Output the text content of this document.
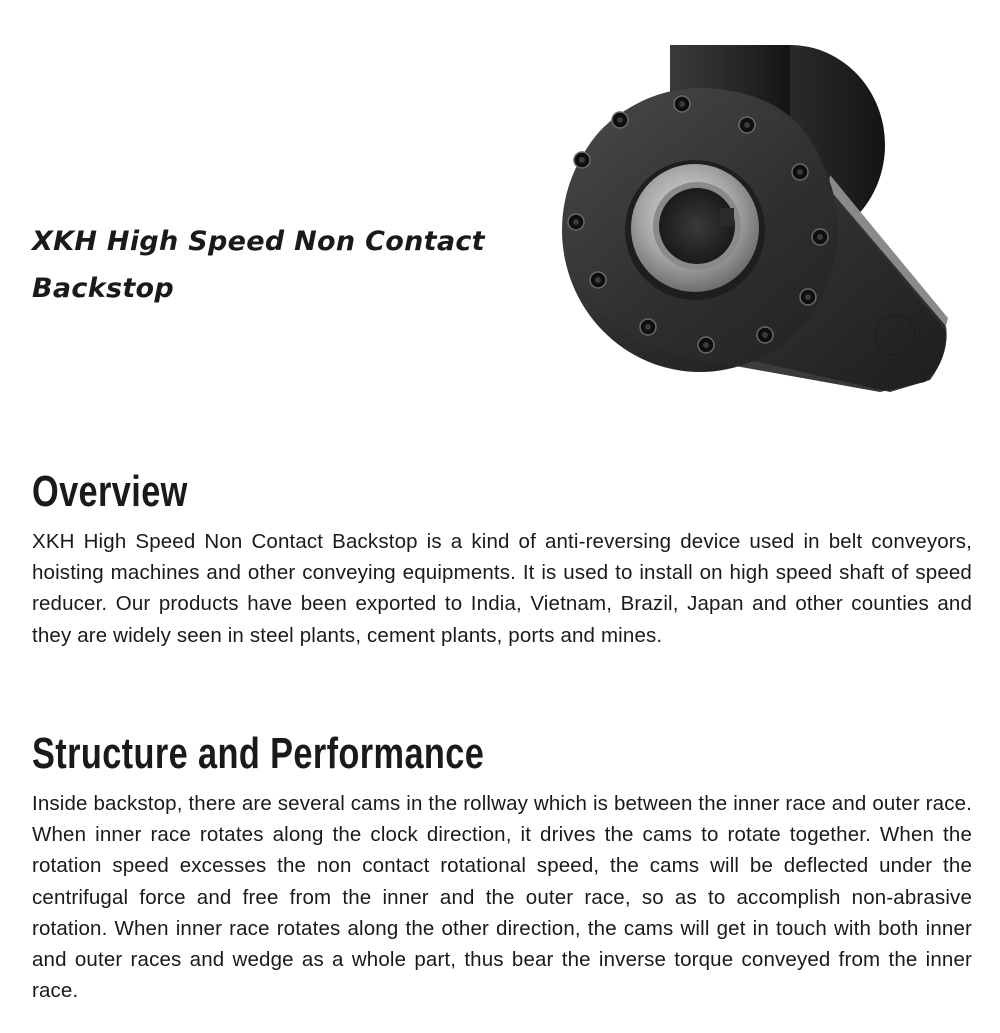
XKH High Speed Non Contact
Backstop
Overview

XKH High Speed Non Contact Backstop is a kind of anti-reversing device used in belt conveyors, hoisting machines and other conveying equipments. It is used to install on high speed shaft of speed reducer. Our products have been exported to India, Vietnam, Brazil, Japan and other counties and they are widely seen in steel plants, cement plants, ports and mines.

Structure and Performance

Inside backstop, there are several cams in the rollway which is between the inner race and outer race. When inner race rotates along the clock direction, it drives the cams to rotate together. When the rotation speed excesses the non contact rotational speed, the cams will be deflected under the centrifugal force and free from the inner and the outer race, so as to accomplish non-abrasive rotation. When inner race rotates along the other direction, the cams will get in touch with both inner and outer races and wedge as a whole part, thus bear the inverse torque conveyed from the inner race.
